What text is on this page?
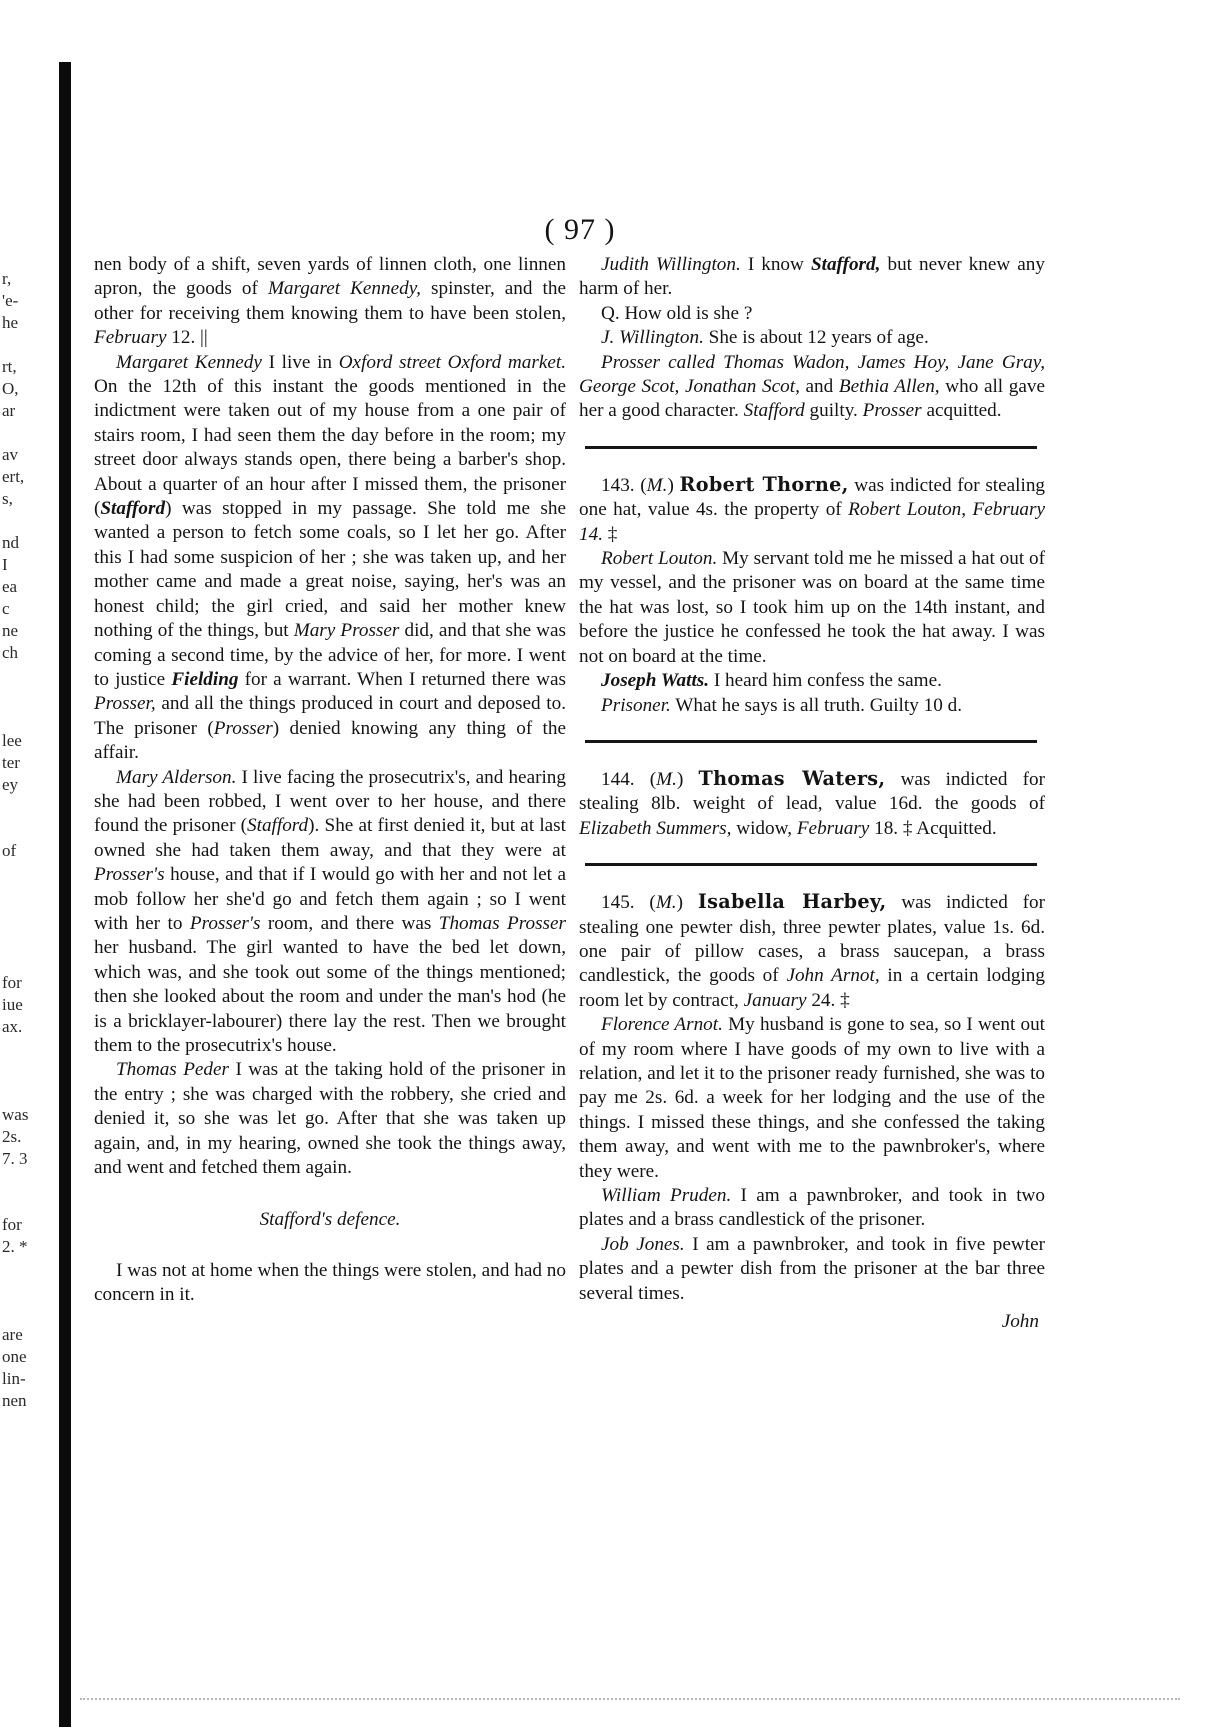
r,
'e-
he
rt,
O,
ar
av
ert,
s,
nd
I
ea
c
ne
ch
lee
ter
ey
of
for
iue
ax.
was
2s.
7. 3
for
2. *
are
one
lin-
nen
( 97 )

nen body of a shift, seven yards of linnen cloth, one linnen apron, the goods of Margaret Kennedy, spinster, and the other for receiving them knowing them to have been stolen, February 12. ||

Margaret Kennedy I live in Oxford street Oxford market. On the 12th of this instant the goods mentioned in the indictment were taken out of my house from a one pair of stairs room, I had seen them the day before in the room; my street door always stands open, there being a barber's shop. About a quarter of an hour after I missed them, the prisoner (Stafford) was stopped in my passage. She told me she wanted a person to fetch some coals, so I let her go. After this I had some suspicion of her ; she was taken up, and her mother came and made a great noise, saying, her's was an honest child; the girl cried, and said her mother knew nothing of the things, but Mary Prosser did, and that she was coming a second time, by the advice of her, for more. I went to justice Fielding for a warrant. When I returned there was Prosser, and all the things produced in court and deposed to. The prisoner (Prosser) denied knowing any thing of the affair.

Mary Alderson. I live facing the prosecutrix's, and hearing she had been robbed, I went over to her house, and there found the prisoner (Stafford). She at first denied it, but at last owned she had taken them away, and that they were at Prosser's house, and that if I would go with her and not let a mob follow her she'd go and fetch them again ; so I went with her to Prosser's room, and there was Thomas Prosser her husband. The girl wanted to have the bed let down, which was, and she took out some of the things mentioned; then she looked about the room and under the man's hod (he is a bricklayer-labourer) there lay the rest. Then we brought them to the prosecutrix's house.

Thomas Peder I was at the taking hold of the prisoner in the entry ; she was charged with the robbery, she cried and denied it, so she was let go. After that she was taken up again, and, in my hearing, owned she took the things away, and went and fetched them again.

Stafford's defence.

I was not at home when the things were stolen, and had no concern in it.

Judith Willington. I know Stafford, but never knew any harm of her.

Q. How old is she ?

J. Willington. She is about 12 years of age.

Prosser called Thomas Wadon, James Hoy, Jane Gray, George Scot, Jonathan Scot, and Bethia Allen, who all gave her a good character. Stafford guilty. Prosser acquitted.

143. (M.) Robert Thorne, was indicted for stealing one hat, value 4s. the property of Robert Louton, February 14. ‡

Robert Louton. My servant told me he missed a hat out of my vessel, and the prisoner was on board at the same time the hat was lost, so I took him up on the 14th instant, and before the justice he confessed he took the hat away. I was not on board at the time.

Joseph Watts. I heard him confess the same.

Prisoner. What he says is all truth. Guilty 10 d.

144. (M.) Thomas Waters, was indicted for stealing 8lb. weight of lead, value 16d. the goods of Elizabeth Summers, widow, February 18. ‡ Acquitted.

145. (M.) Isabella Harbey, was indicted for stealing one pewter dish, three pewter plates, value 1s. 6d. one pair of pillow cases, a brass saucepan, a brass candlestick, the goods of John Arnot, in a certain lodging room let by contract, January 24. ‡

Florence Arnot. My husband is gone to sea, so I went out of my room where I have goods of my own to live with a relation, and let it to the prisoner ready furnished, she was to pay me 2s. 6d. a week for her lodging and the use of the things. I missed these things, and she confessed the taking them away, and went with me to the pawnbroker's, where they were.

William Pruden. I am a pawnbroker, and took in two plates and a brass candlestick of the prisoner.

Job Jones. I am a pawnbroker, and took in five pewter plates and a pewter dish from the prisoner at the bar three several times.

John
